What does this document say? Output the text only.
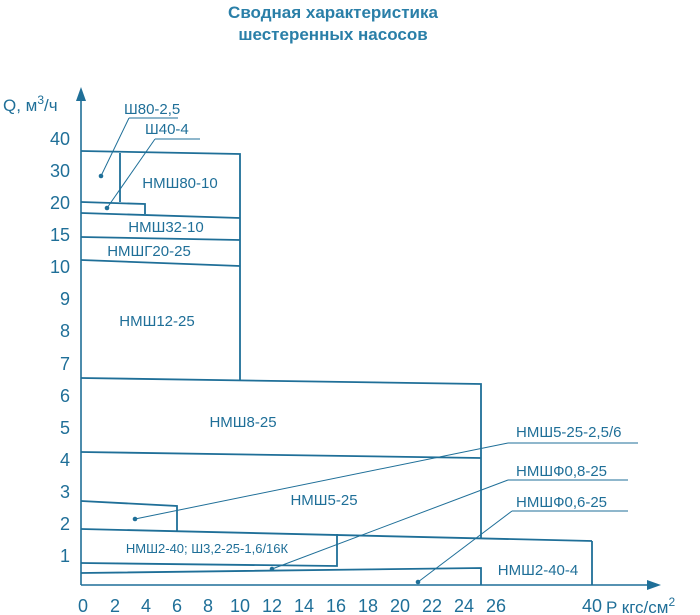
Сводная характеристика
шестеренных насосов
Q, $м^3/ч$
P кгс/$см^2$
1
2
3
4
5
6
7
8
9
10
15
20
30
40
0 2 4 6 8 10 12 14 16 18 20 22 24 26	40
НМШ80-10
НМШ32-10
НМШГ20-25
НМШ12-25
НМШ8-25
НМШ5-25
НМШ2-40; Ш3,2-25-1,6/16К
НМШ2-40-4
Ш80-2,5
Ш40-4
НМШ5-25-2,5/6
НМШФ0,8-25
НМШФ0,6-25
